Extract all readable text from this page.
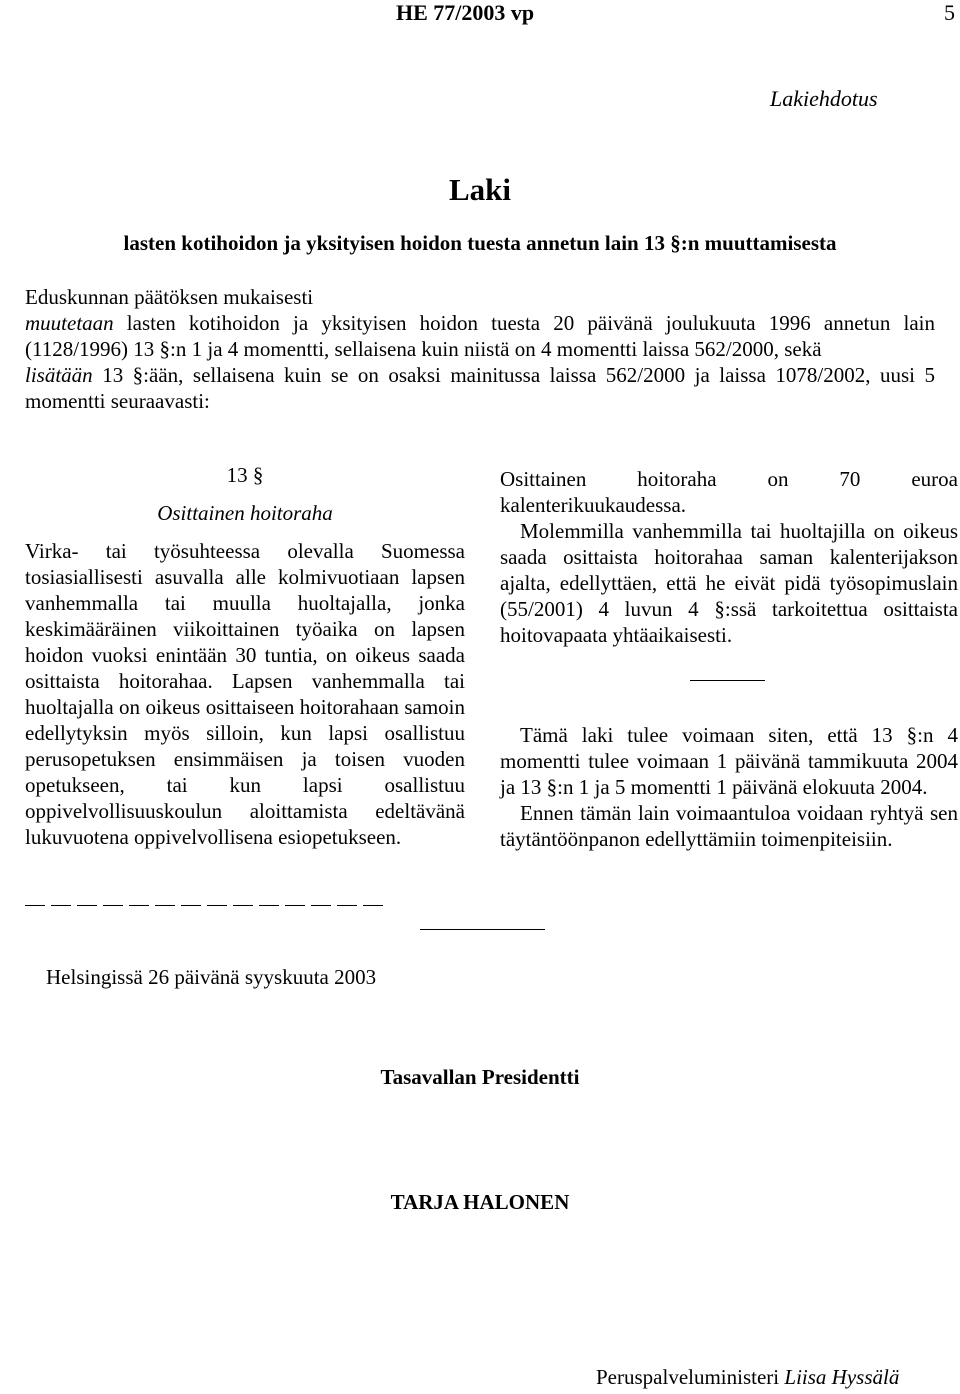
HE 77/2003 vp	5
Lakiehdotus
Laki
lasten kotihoidon ja yksityisen hoidon tuesta annetun lain 13 §:n muuttamisesta

Eduskunnan päätöksen mukaisesti

muutetaan lasten kotihoidon ja yksityisen hoidon tuesta 20 päivänä joulukuuta 1996 annetun lain (1128/1996) 13 §:n 1 ja 4 momentti, sellaisena kuin niistä on 4 momentti laissa 562/2000, sekä

lisätään 13 §:ään, sellaisena kuin se on osaksi mainitussa laissa 562/2000 ja laissa 1078/2002, uusi 5 momentti seuraavasti:

13 §

Osittainen hoitoraha

Virka- tai työsuhteessa olevalla Suomessa tosiasiallisesti asuvalla alle kolmivuotiaan lapsen vanhemmalla tai muulla huoltajalla, jonka keskimääräinen viikoittainen työaika on lapsen hoidon vuoksi enintään 30 tuntia, on oikeus saada osittaista hoitorahaa. Lapsen vanhemmalla tai huoltajalla on oikeus osittaiseen hoitorahaan samoin edellytyksin myös silloin, kun lapsi osallistuu perusopetuksen ensimmäisen ja toisen vuoden opetukseen, tai kun lapsi osallistuu oppivelvollisuuskoulun aloittamista edeltävänä lukuvuotena oppivelvollisena esiopetukseen.

Osittainen hoitoraha on 70 euroa kalenterikuukaudessa.

Molemmilla vanhemmilla tai huoltajilla on oikeus saada osittaista hoitorahaa saman kalenterijakson ajalta, edellyttäen, että he eivät pidä työsopimuslain (55/2001) 4 luvun 4 §:ssä tarkoitettua osittaista hoitovapaata yhtäaikaisesti.

Tämä laki tulee voimaan siten, että 13 §:n 4 momentti tulee voimaan 1 päivänä tammikuuta 2004 ja 13 §:n 1 ja 5 momentti 1 päivänä elokuuta 2004.

Ennen tämän lain voimaantuloa voidaan ryhtyä sen täytäntöönpanon edellyttämiin toimenpiteisiin.

Helsingissä 26 päivänä syyskuuta 2003
Tasavallan Presidentti
TARJA HALONEN
Peruspalveluministeri Liisa Hyssälä
